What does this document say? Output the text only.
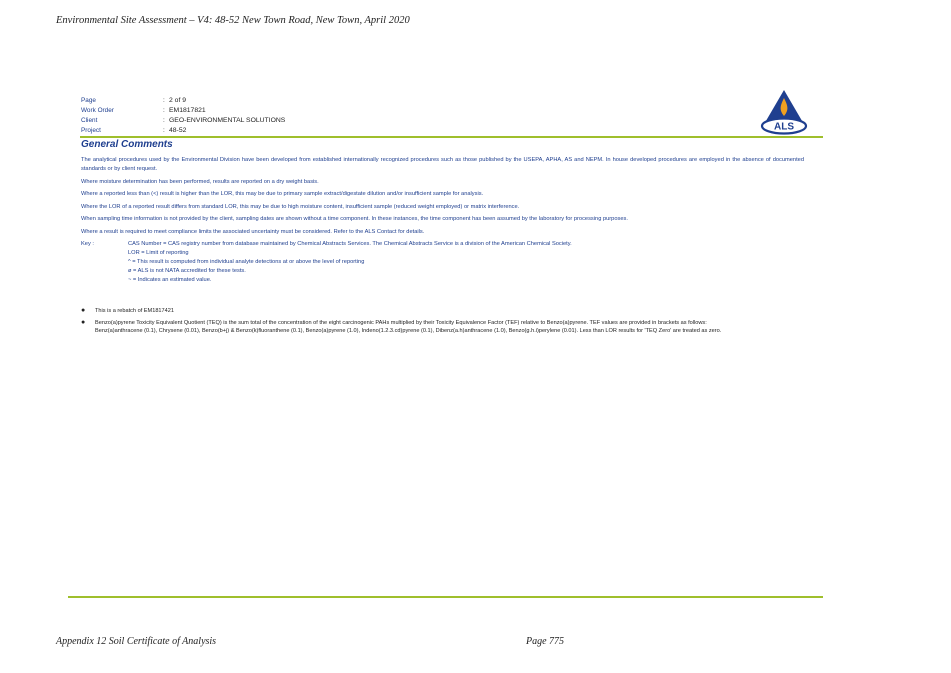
Environmental Site Assessment – V4: 48-52 New Town Road, New Town, April 2020
Page	: 2 of 9
Work Order	: EM1817821
Client	: GEO-ENVIRONMENTAL SOLUTIONS
Project	: 48-52	ALS
General Comments

The analytical procedures used by the Environmental Division have been developed from established internationally recognized procedures such as those published by the USEPA, APHA, AS and NEPM. In house developed procedures are employed in the absence of documented standards or by client request.

Where moisture determination has been performed, results are reported on a dry weight basis.

Where a reported less than (<) result is higher than the LOR, this may be due to primary sample extract/digestate dilution and/or insufficient sample for analysis.

Where the LOR of a reported result differs from standard LOR, this may be due to high moisture content, insufficient sample (reduced weight employed) or matrix interference.

When sampling time information is not provided by the client, sampling dates are shown without a time component. In these instances, the time component has been assumed by the laboratory for processing purposes.

Where a result is required to meet compliance limits the associated uncertainty must be considered. Refer to the ALS Contact for details.

Key :	CAS Number = CAS registry number from database maintained by Chemical Abstracts Services. The Chemical Abstracts Service is a division of the American Chemical Society.
LOR = Limit of reporting
^ = This result is computed from individual analyte detections at or above the level of reporting
ø = ALS is not NATA accredited for these tests.
~ = Indicates an estimated value.
●	This is a rebatch of EM1817421
●	Benzo(a)pyrene Toxicity Equivalent Quotient (TEQ) is the sum total of the concentration of the eight carcinogenic PAHs multiplied by their Toxicity Equivalence Factor (TEF) relative to Benzo(a)pyrene. TEF values are provided in brackets as follows: Benz(a)anthracene (0.1), Chrysene (0.01), Benzo(b+j) & Benzo(k)fluoranthene (0.1), Benzo(a)pyrene (1.0), Indeno(1.2.3.cd)pyrene (0.1), Dibenz(a.h)anthracene (1.0), Benzo(g.h.i)perylene (0.01). Less than LOR results for 'TEQ Zero' are treated as zero.
Appendix 12 Soil Certificate of Analysis	Page 775
